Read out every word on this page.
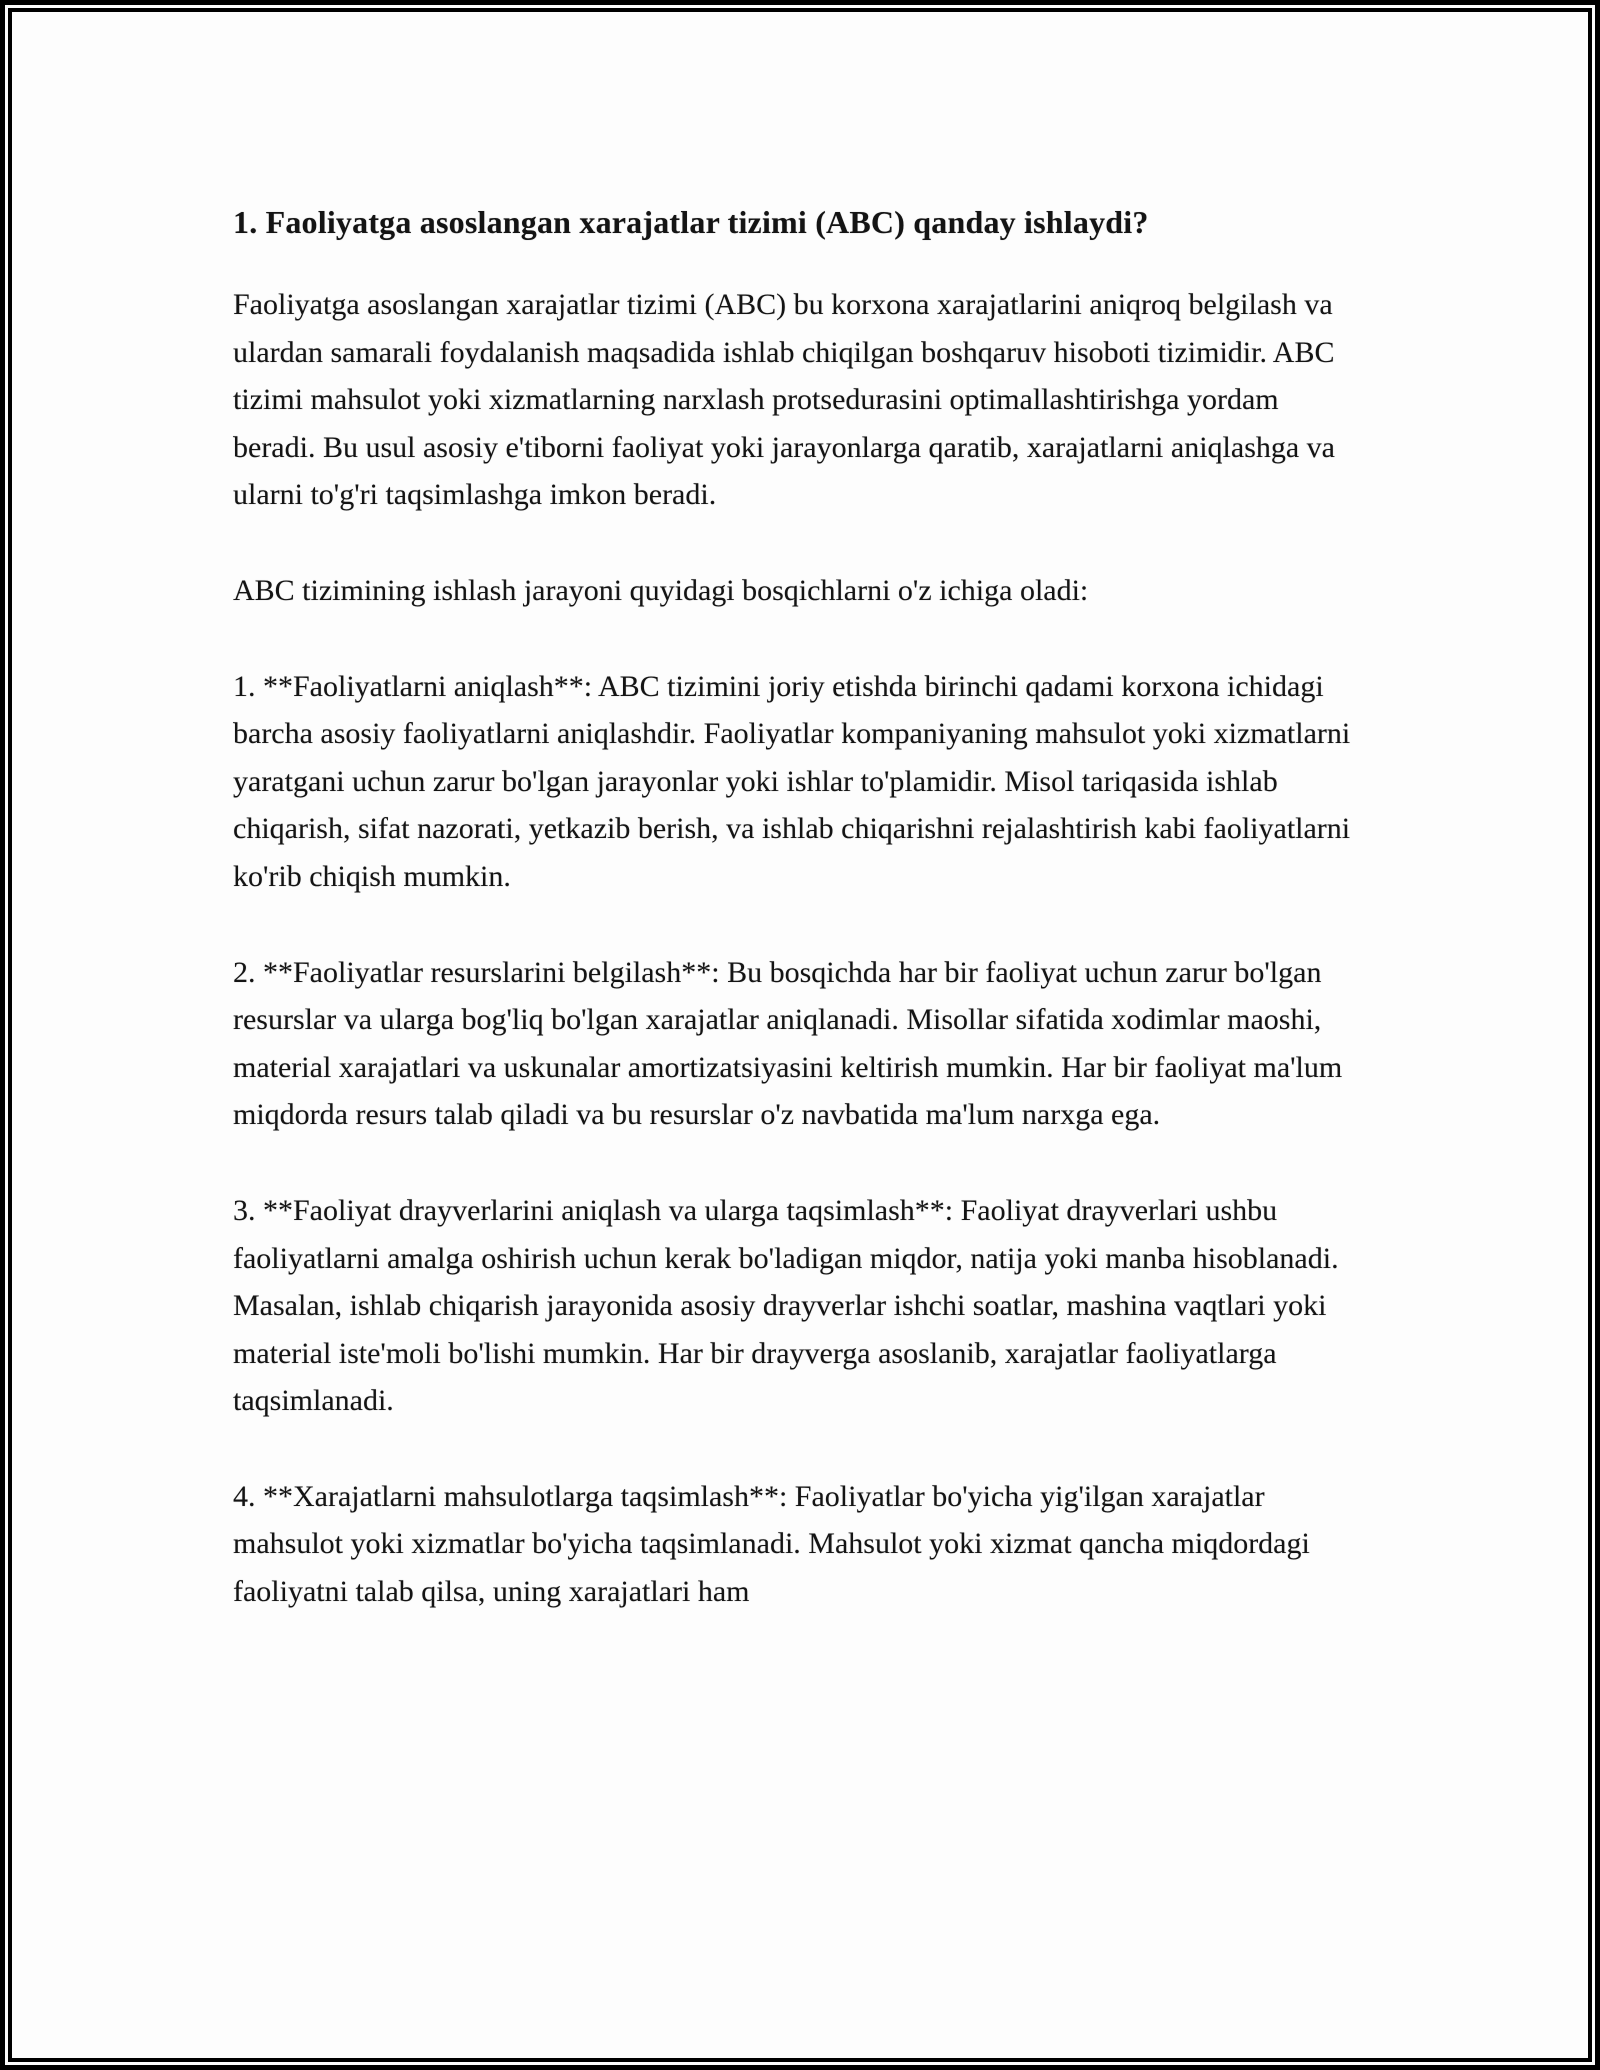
1. Faoliyatga asoslangan xarajatlar tizimi (ABC) qanday ishlaydi?

Faoliyatga asoslangan xarajatlar tizimi (ABC) bu korxona xarajatlarini aniqroq belgilash va ulardan samarali foydalanish maqsadida ishlab chiqilgan boshqaruv hisoboti tizimidir. ABC tizimi mahsulot yoki xizmatlarning narxlash protsedurasini optimallashtirishga yordam beradi. Bu usul asosiy e'tiborni faoliyat yoki jarayonlarga qaratib, xarajatlarni aniqlashga va ularni to'g'ri taqsimlashga imkon beradi.

ABC tizimining ishlash jarayoni quyidagi bosqichlarni o'z ichiga oladi:

1. **Faoliyatlarni aniqlash**: ABC tizimini joriy etishda birinchi qadami korxona ichidagi barcha asosiy faoliyatlarni aniqlashdir. Faoliyatlar kompaniyaning mahsulot yoki xizmatlarni yaratgani uchun zarur bo'lgan jarayonlar yoki ishlar to'plamidir. Misol tariqasida ishlab chiqarish, sifat nazorati, yetkazib berish, va ishlab chiqarishni rejalashtirish kabi faoliyatlarni ko'rib chiqish mumkin.

2. **Faoliyatlar resurslarini belgilash**: Bu bosqichda har bir faoliyat uchun zarur bo'lgan resurslar va ularga bog'liq bo'lgan xarajatlar aniqlanadi. Misollar sifatida xodimlar maoshi, material xarajatlari va uskunalar amortizatsiyasini keltirish mumkin. Har bir faoliyat ma'lum miqdorda resurs talab qiladi va bu resurslar o'z navbatida ma'lum narxga ega.

3. **Faoliyat drayverlarini aniqlash va ularga taqsimlash**: Faoliyat drayverlari ushbu faoliyatlarni amalga oshirish uchun kerak bo'ladigan miqdor, natija yoki manba hisoblanadi. Masalan, ishlab chiqarish jarayonida asosiy drayverlar ishchi soatlar, mashina vaqtlari yoki material iste'moli bo'lishi mumkin. Har bir drayverga asoslanib, xarajatlar faoliyatlarga taqsimlanadi.

4. **Xarajatlarni mahsulotlarga taqsimlash**: Faoliyatlar bo'yicha yig'ilgan xarajatlar mahsulot yoki xizmatlar bo'yicha taqsimlanadi. Mahsulot yoki xizmat qancha miqdordagi faoliyatni talab qilsa, uning xarajatlari ham
